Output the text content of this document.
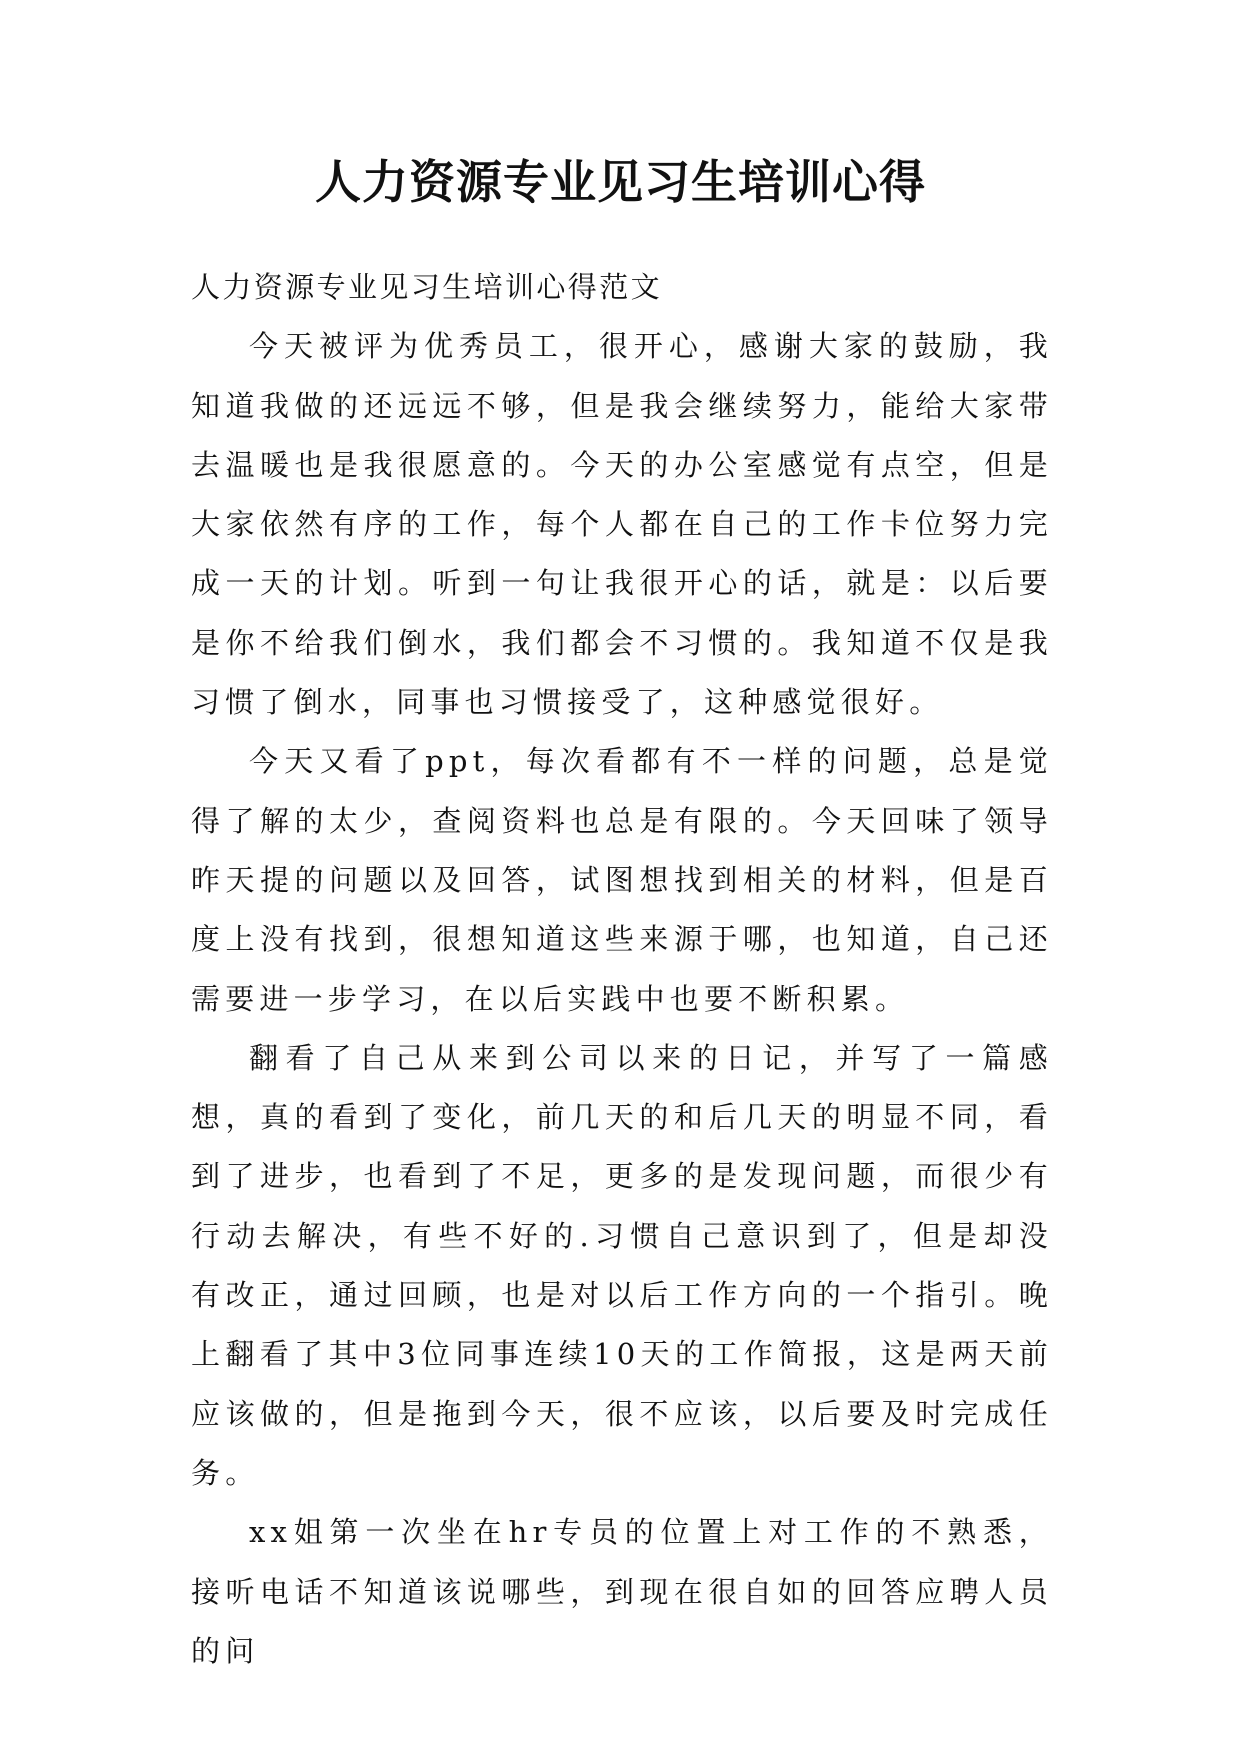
人力资源专业见习生培训心得

人力资源专业见习生培训心得范文

今天被评为优秀员工，很开心，感谢大家的鼓励，我知道我做的还远远不够，但是我会继续努力，能给大家带去温暖也是我很愿意的。今天的办公室感觉有点空，但是大家依然有序的工作，每个人都在自己的工作卡位努力完成一天的计划。听到一句让我很开心的话，就是：以后要是你不给我们倒水，我们都会不习惯的。我知道不仅是我习惯了倒水，同事也习惯接受了，这种感觉很好。

今天又看了ppt，每次看都有不一样的问题，总是觉得了解的太少，查阅资料也总是有限的。今天回味了领导昨天提的问题以及回答，试图想找到相关的材料，但是百度上没有找到，很想知道这些来源于哪，也知道，自己还需要进一步学习，在以后实践中也要不断积累。

翻看了自己从来到公司以来的日记，并写了一篇感想，真的看到了变化，前几天的和后几天的明显不同，看到了进步，也看到了不足，更多的是发现问题，而很少有行动去解决，有些不好的.习惯自己意识到了，但是却没有改正，通过回顾，也是对以后工作方向的一个指引。晚上翻看了其中3位同事连续10天的工作简报，这是两天前应该做的，但是拖到今天，很不应该，以后要及时完成任务。

xx姐第一次坐在hr专员的位置上对工作的不熟悉，接听电话不知道该说哪些，到现在很自如的回答应聘人员的问
